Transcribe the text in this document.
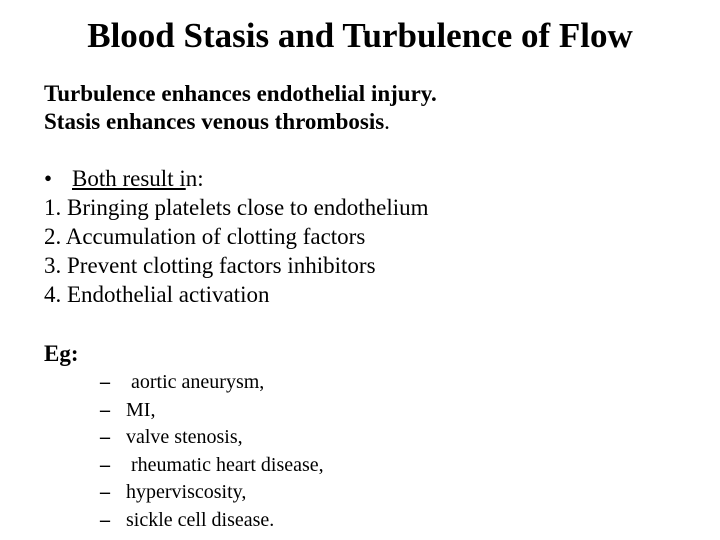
Blood Stasis and Turbulence of Flow
Turbulence enhances endothelial injury.
Stasis enhances venous thrombosis.
• Both result in:
1. Bringing platelets close to endothelium
2. Accumulation of clotting factors
3. Prevent clotting factors inhibitors
4. Endothelial activation
Eg:
– aortic aneurysm,
– MI,
– valve stenosis,
– rheumatic heart disease,
– hyperviscosity,
– sickle cell disease.
